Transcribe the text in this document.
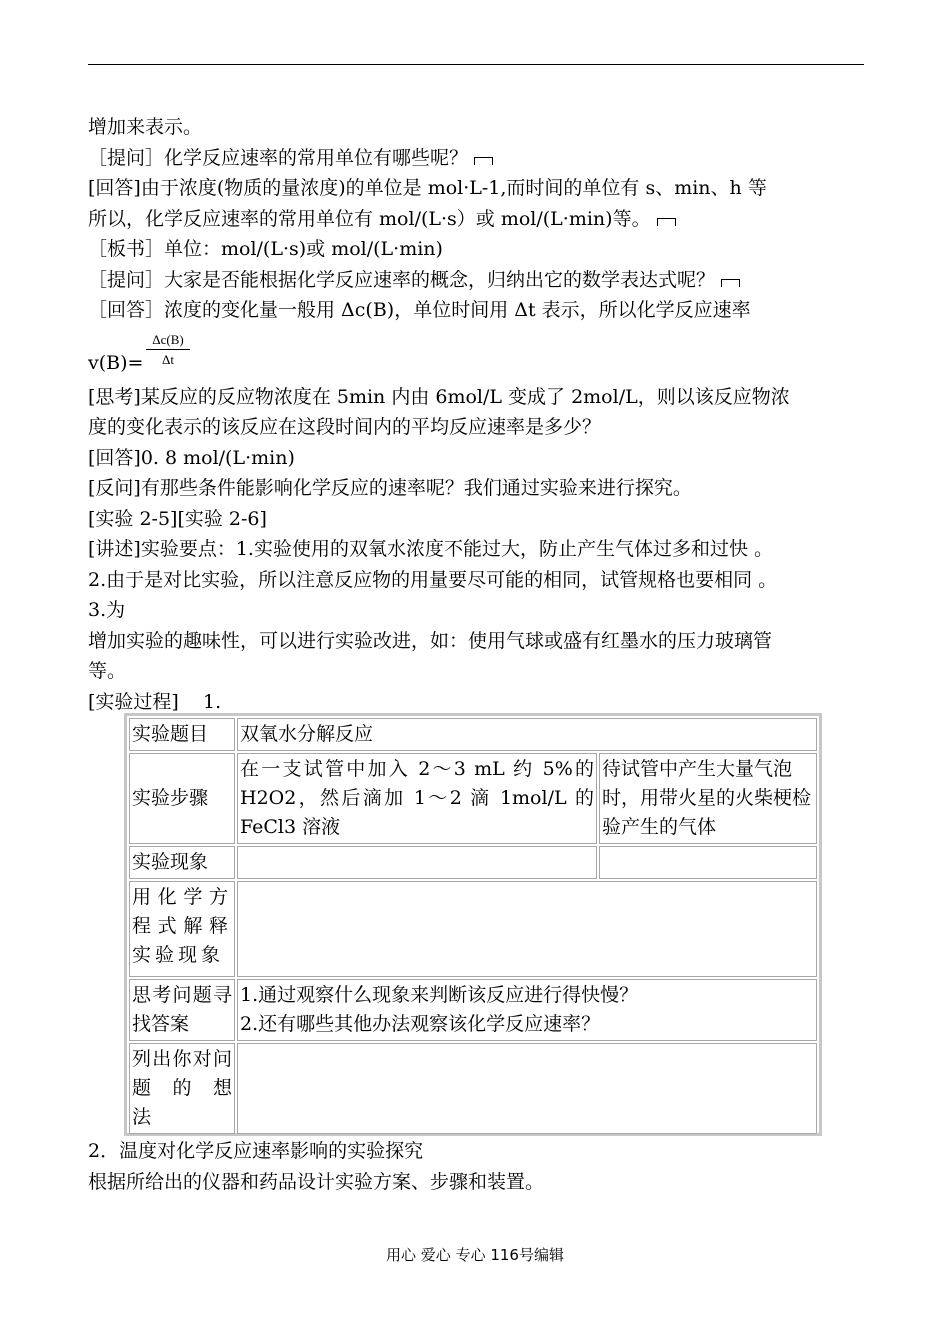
增加来表示。
［提问］化学反应速率的常用单位有哪些呢？
[回答]由于浓度(物质的量浓度)的单位是 mol·L-1,而时间的单位有 s、min、h 等
所以，化学反应速率的常用单位有 mol/(L·s）或 mol/(L·min)等。
［板书］单位：mol/(L·s)或 mol/(L·min)
［提问］大家是否能根据化学反应速率的概念，归纳出它的数学表达式呢？
［回答］浓度的变化量一般用 Δc(B)，单位时间用 Δt 表示，所以化学反应速率
$v(B)= \frac{\Delta c(B)}{\Delta t}$
[思考]某反应的反应物浓度在 5min 内由 6mol/L 变成了 2mol/L，则以该反应物浓
度的变化表示的该反应在这段时间内的平均反应速率是多少？
[回答]0. 8 mol/(L·min)
[反问]有那些条件能影响化学反应的速率呢？我们通过实验来进行探究。
[实验 2-5][实验 2-6]
[讲述]实验要点：1.实验使用的双氧水浓度不能过大，防止产生气体过多和过快 。
2.由于是对比实验，所以注意反应物的用量要尽可能的相同，试管规格也要相同 。
3.为
增加实验的趣味性，可以进行实验改进，如：使用气球或盛有红墨水的压力玻璃管
等。
[实验过程]    1.
实验题目	双氧水分解反应	
实验步骤	在一支试管中加入 2～3 mL 约 5%的 H2O2，然后滴加 1～2 滴 1mol/L 的 FeCl3 溶液	待试管中产生大量气泡时，用带火星的火柴梗检验产生的气体
实验现象		
用化学方程式解释实验现象		
思考问题寻找答案	1.通过观察什么现象来判断该反应进行得快慢？
2.还有哪些其他办法观察该化学反应速率？	

列出你对问题的想　　法		
2．温度对化学反应速率影响的实验探究
根据所给出的仪器和药品设计实验方案、步骤和装置。
用心 爱心 专心 116号编辑
